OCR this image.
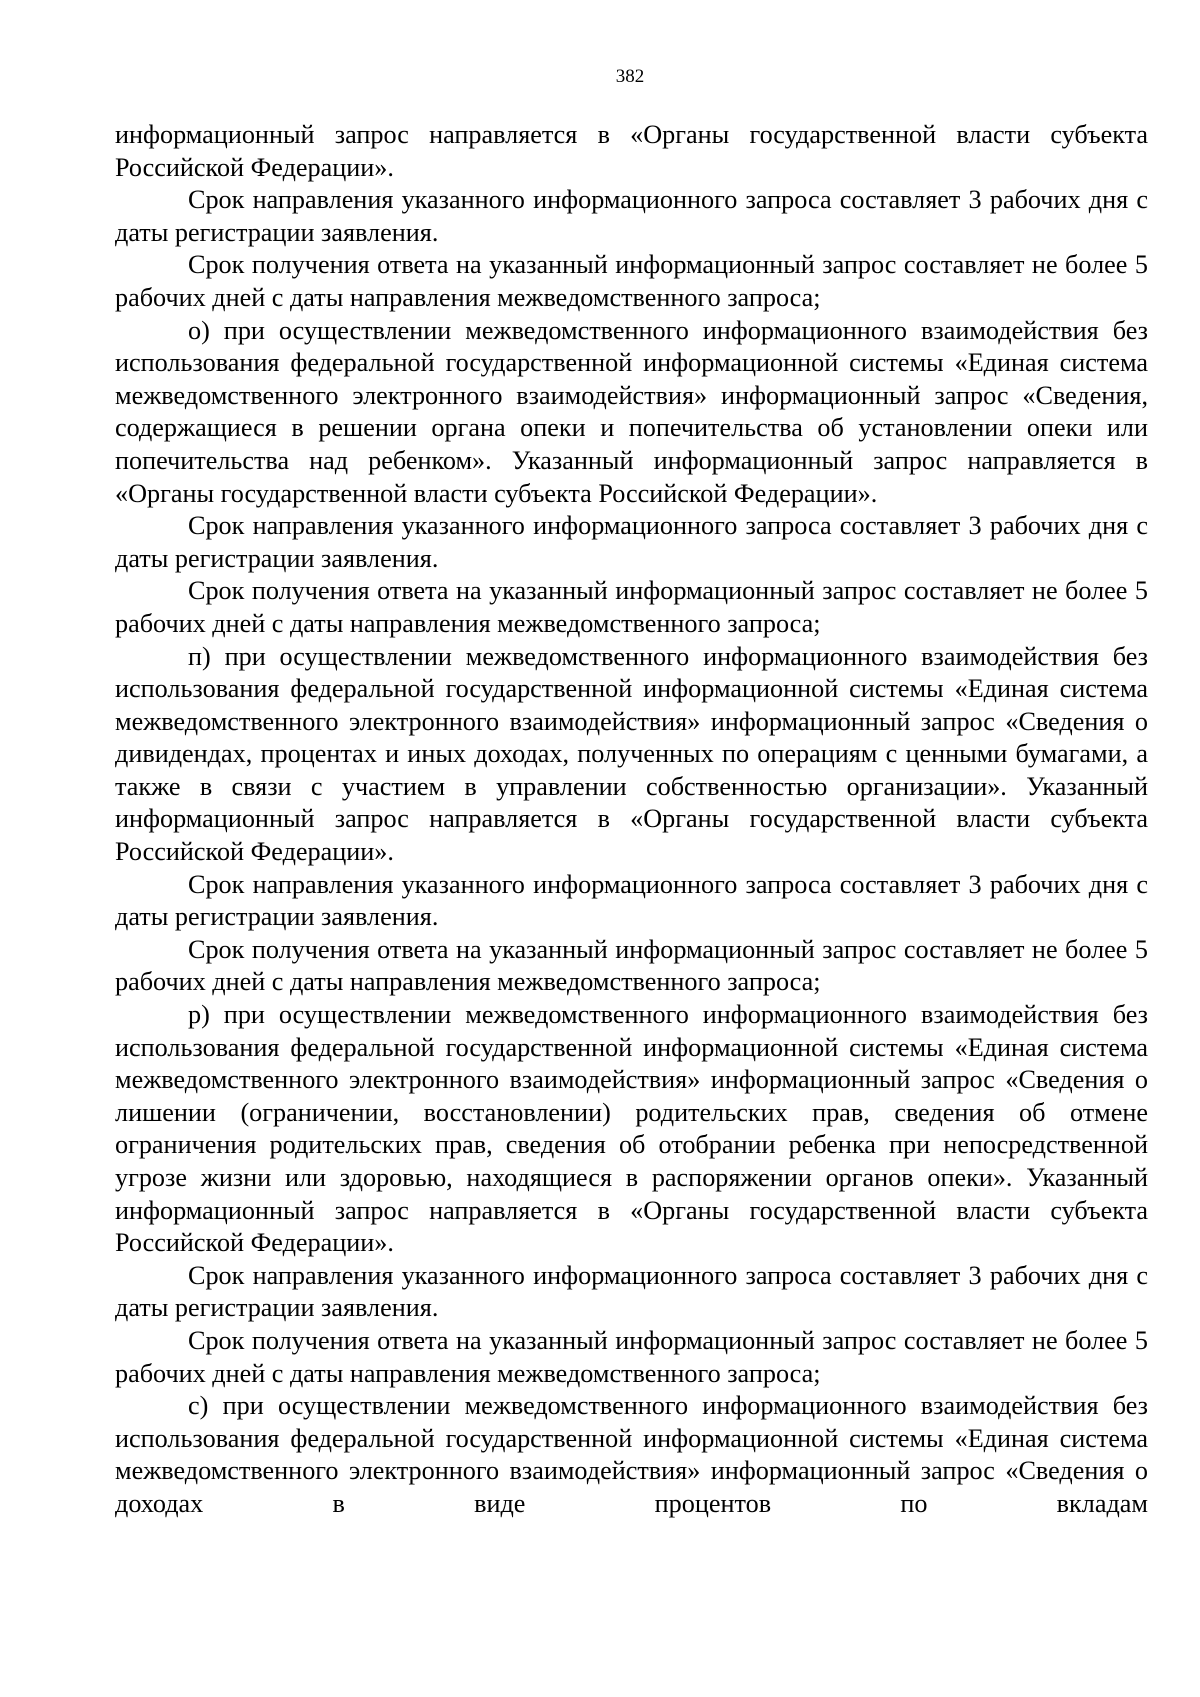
382

информационный запрос направляется в «Органы государственной власти субъекта Российской Федерации».

Срок направления указанного информационного запроса составляет 3 рабочих дня с даты регистрации заявления.

Срок получения ответа на указанный информационный запрос составляет не более 5 рабочих дней с даты направления межведомственного запроса;

о) при осуществлении межведомственного информационного взаимодействия без использования федеральной государственной информационной системы «Единая система межведомственного электронного взаимодействия» информационный запрос «Сведения, содержащиеся в решении органа опеки и попечительства об установлении опеки или попечительства над ребенком». Указанный информационный запрос направляется в «Органы государственной власти субъекта Российской Федерации».

Срок направления указанного информационного запроса составляет 3 рабочих дня с даты регистрации заявления.

Срок получения ответа на указанный информационный запрос составляет не более 5 рабочих дней с даты направления межведомственного запроса;

п) при осуществлении межведомственного информационного взаимодействия без использования федеральной государственной информационной системы «Единая система межведомственного электронного взаимодействия» информационный запрос «Сведения о дивидендах, процентах и иных доходах, полученных по операциям с ценными бумагами, а также в связи с участием в управлении собственностью организации». Указанный информационный запрос направляется в «Органы государственной власти субъекта Российской Федерации».

Срок направления указанного информационного запроса составляет 3 рабочих дня с даты регистрации заявления.

Срок получения ответа на указанный информационный запрос составляет не более 5 рабочих дней с даты направления межведомственного запроса;

р) при осуществлении межведомственного информационного взаимодействия без использования федеральной государственной информационной системы «Единая система межведомственного электронного взаимодействия» информационный запрос «Сведения о лишении (ограничении, восстановлении) родительских прав, сведения об отмене ограничения родительских прав, сведения об отобрании ребенка при непосредственной угрозе жизни или здоровью, находящиеся в распоряжении органов опеки». Указанный информационный запрос направляется в «Органы государственной власти субъекта Российской Федерации».

Срок направления указанного информационного запроса составляет 3 рабочих дня с даты регистрации заявления.

Срок получения ответа на указанный информационный запрос составляет не более 5 рабочих дней с даты направления межведомственного запроса;

с) при осуществлении межведомственного информационного взаимодействия без использования федеральной государственной информационной системы «Единая система межведомственного электронного взаимодействия» информационный запрос «Сведения о доходах в виде процентов по вкладам
